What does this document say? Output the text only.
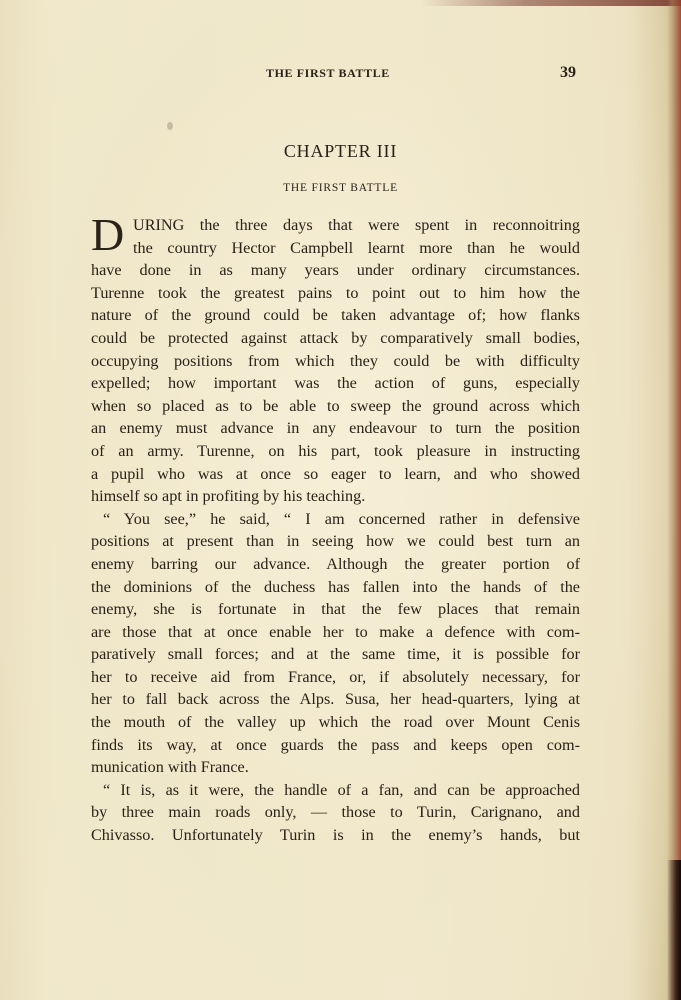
THE FIRST BATTLE	39
CHAPTER III
THE FIRST BATTLE
D URING the three days that were spent in reconnoitring
the country Hector Campbell learnt more than he would
have done in as many years under ordinary circumstances.
Turenne took the greatest pains to point out to him how the
nature of the ground could be taken advantage of; how flanks
could be protected against attack by comparatively small bodies,
occupying positions from which they could be with difficulty
expelled; how important was the action of guns, especially
when so placed as to be able to sweep the ground across which
an enemy must advance in any endeavour to turn the position
of an army. Turenne, on his part, took pleasure in instructing
a pupil who was at once so eager to learn, and who showed
himself so apt in profiting by his teaching.
“ You see,” he said, “ I am concerned rather in defensive
positions at present than in seeing how we could best turn an
enemy barring our advance. Although the greater portion of
the dominions of the duchess has fallen into the hands of the
enemy, she is fortunate in that the few places that remain
are those that at once enable her to make a defence with com-
paratively small forces; and at the same time, it is possible for
her to receive aid from France, or, if absolutely necessary, for
her to fall back across the Alps. Susa, her head-quarters, lying at
the mouth of the valley up which the road over Mount Cenis
finds its way, at once guards the pass and keeps open com-
munication with France.
“ It is, as it were, the handle of a fan, and can be approached
by three main roads only, — those to Turin, Carignano, and
Chivasso. Unfortunately Turin is in the enemy’s hands, but
